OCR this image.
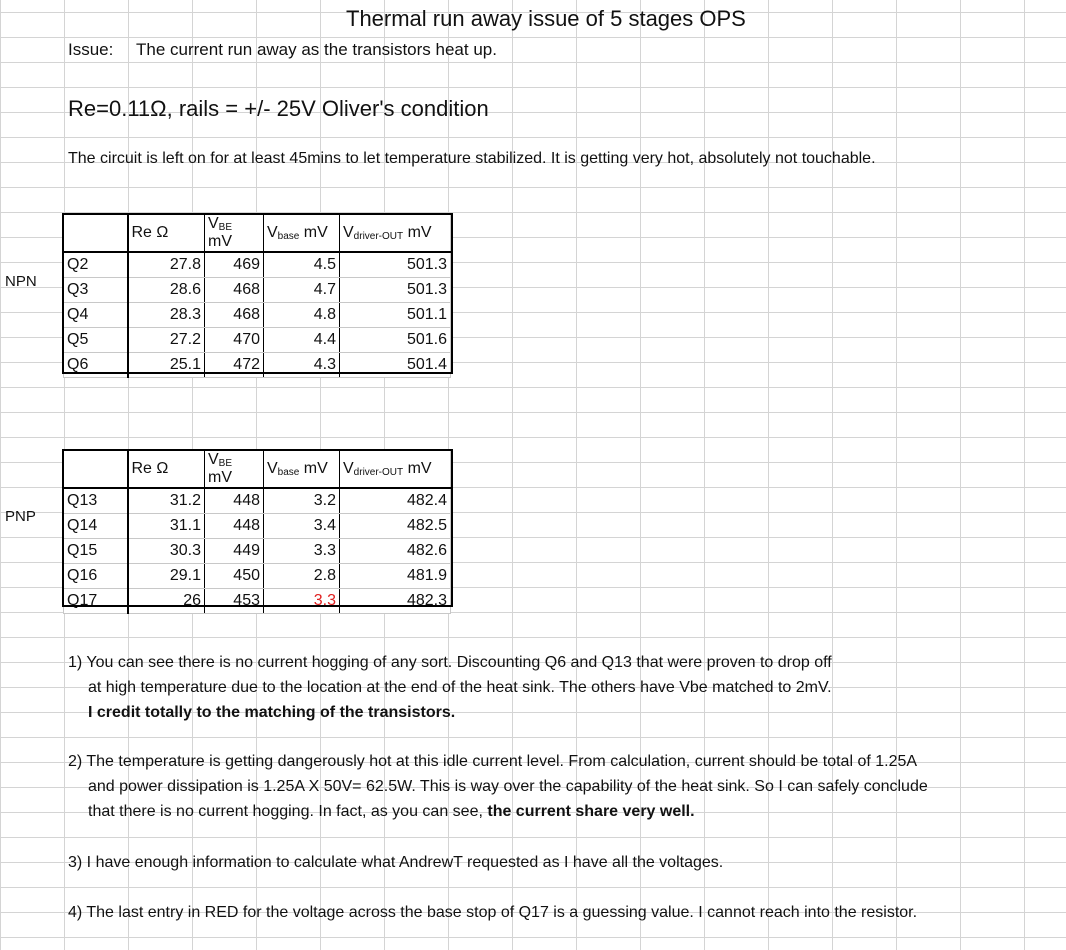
Thermal run away issue of 5 stages OPS
Issue: The current run away as the transistors heat up.
Re=0.11Ω, rails = +/- 25V Oliver's condition
The circuit is left on for at least 45mins to let temperature stabilized. It is getting very hot, absolutely not touchable.
NPN
PNP
	Re Ω	$V_{BE}$ mV	$V_{base}$ mV	$V_{driver-OUT}$ mV
Q2	27.8	469	4.5	501.3
Q3	28.6	468	4.7	501.3
Q4	28.3	468	4.8	501.1
Q5	27.2	470	4.4	501.6
Q6	25.1	472	4.3	501.4
	Re Ω	$V_{BE}$ mV	$V_{base}$ mV	$V_{driver-OUT}$ mV
Q13	31.2	448	3.2	482.4
Q14	31.1	448	3.4	482.5
Q15	30.3	449	3.3	482.6
Q16	29.1	450	2.8	481.9
Q17	26	453	3.3	482.3
1) You can see there is no current hogging of any sort. Discounting Q6 and Q13 that were proven to drop off
at high temperature due to the location at the end of the heat sink. The others have Vbe matched to 2mV.
I credit totally to the matching of the transistors.
2) The temperature is getting dangerously hot at this idle current level. From calculation, current should be total of 1.25A
and power dissipation is 1.25A X 50V= 62.5W. This is way over the capability of the heat sink. So I can safely conclude
that there is no current hogging. In fact, as you can see, the current share very well.
3) I have enough information to calculate what AndrewT requested as I have all the voltages.
4) The last entry in RED for the voltage across the base stop of Q17 is a guessing value. I cannot reach into the resistor.
